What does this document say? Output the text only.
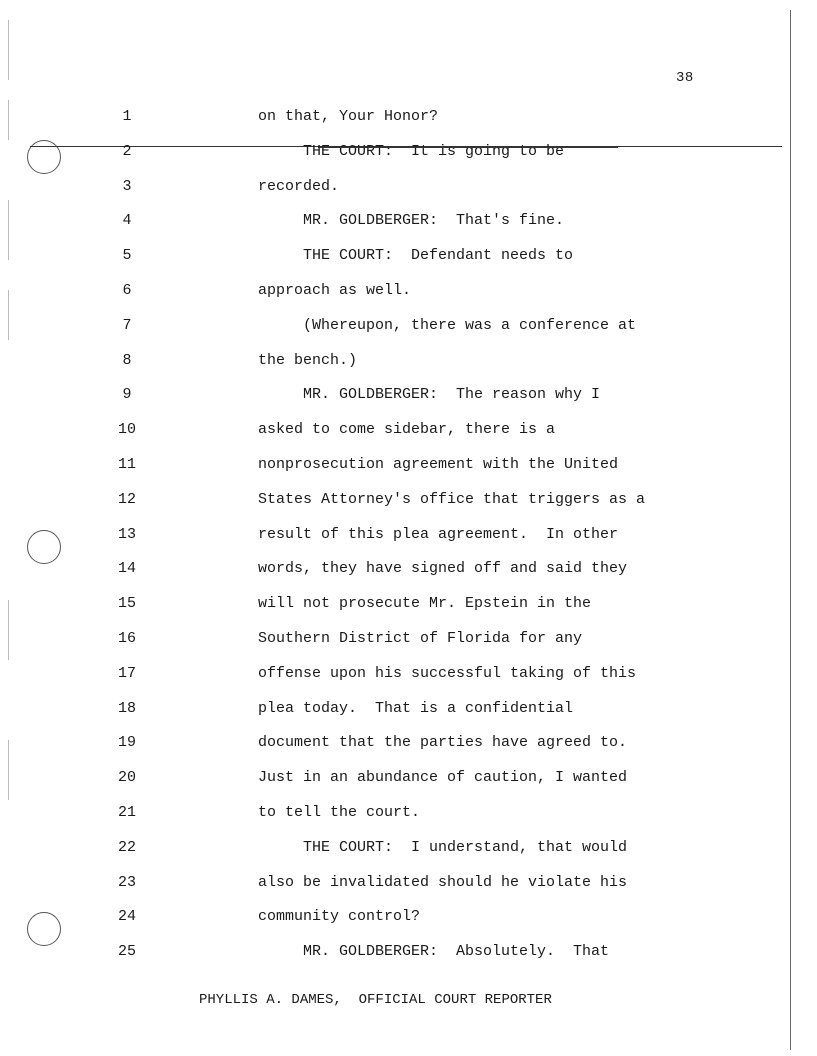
38
1	on that, Your Honor?
2	THE COURT:  It is going to be
3	recorded.
4	MR. GOLDBERGER:  That's fine.
5	THE COURT:  Defendant needs to
6	approach as well.
7	(Whereupon, there was a conference at
8	the bench.)
9	MR. GOLDBERGER:  The reason why I
10	asked to come sidebar, there is a
11	nonprosecution agreement with the United
12	States Attorney's office that triggers as a
13	result of this plea agreement.  In other
14	words, they have signed off and said they
15	will not prosecute Mr. Epstein in the
16	Southern District of Florida for any
17	offense upon his successful taking of this
18	plea today.  That is a confidential
19	document that the parties have agreed to.
20	Just in an abundance of caution, I wanted
21	to tell the court.
22	THE COURT:  I understand, that would
23	also be invalidated should he violate his
24	community control?
25	MR. GOLDBERGER:  Absolutely.  That
PHYLLIS A. DAMES,  OFFICIAL COURT REPORTER
